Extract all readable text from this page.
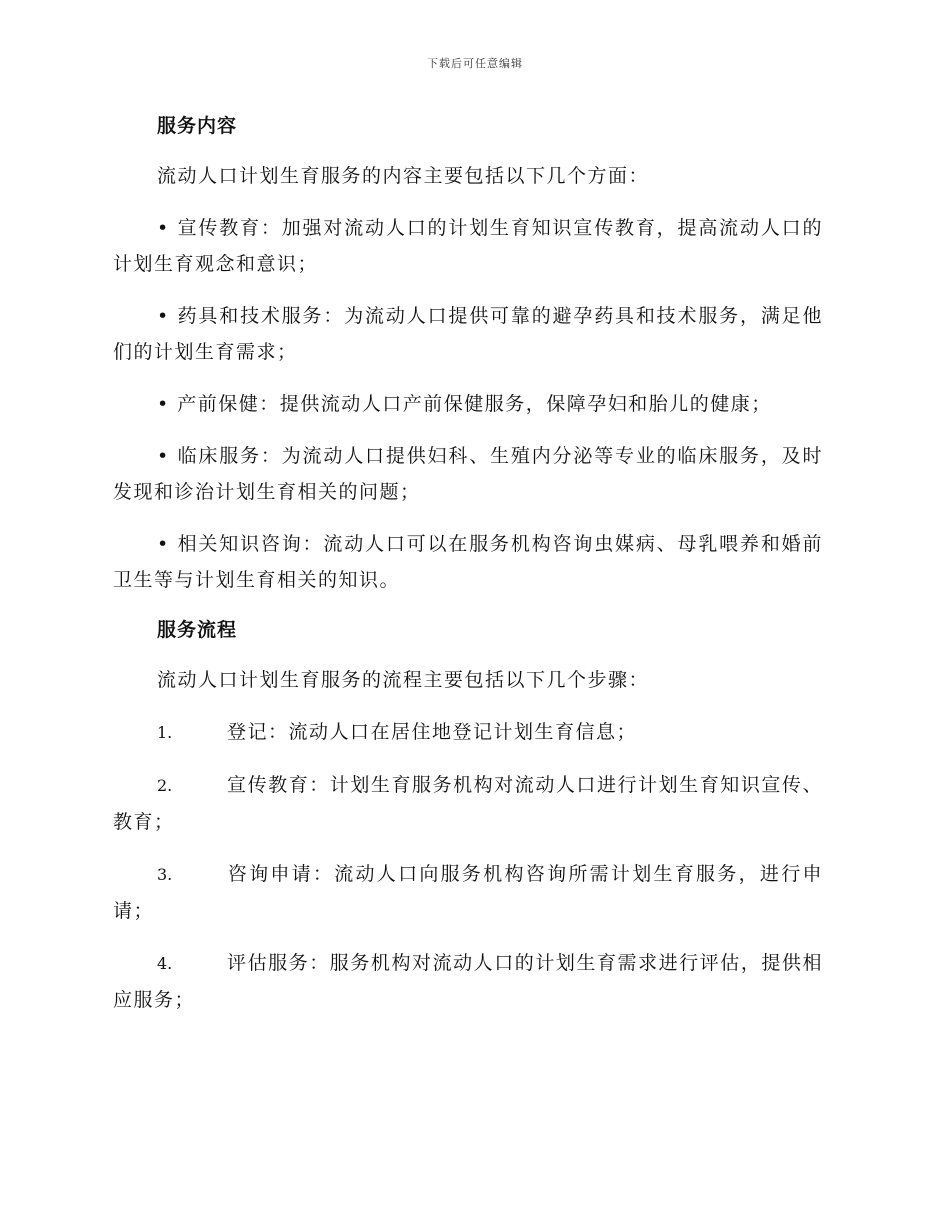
下载后可任意编辑
服务内容

流动人口计划生育服务的内容主要包括以下几个方面：

• 宣传教育：加强对流动人口的计划生育知识宣传教育，提高流动人口的计划生育观念和意识；

• 药具和技术服务：为流动人口提供可靠的避孕药具和技术服务，满足他们的计划生育需求；

• 产前保健：提供流动人口产前保健服务，保障孕妇和胎儿的健康；

• 临床服务：为流动人口提供妇科、生殖内分泌等专业的临床服务，及时发现和诊治计划生育相关的问题；

• 相关知识咨询：流动人口可以在服务机构咨询虫媒病、母乳喂养和婚前卫生等与计划生育相关的知识。

服务流程

流动人口计划生育服务的流程主要包括以下几个步骤：

1.	登记：流动人口在居住地登记计划生育信息；

2.	宣传教育：计划生育服务机构对流动人口进行计划生育知识宣传、教育；

3.	咨询申请：流动人口向服务机构咨询所需计划生育服务，进行申请；

4.	评估服务：服务机构对流动人口的计划生育需求进行评估，提供相应服务；
